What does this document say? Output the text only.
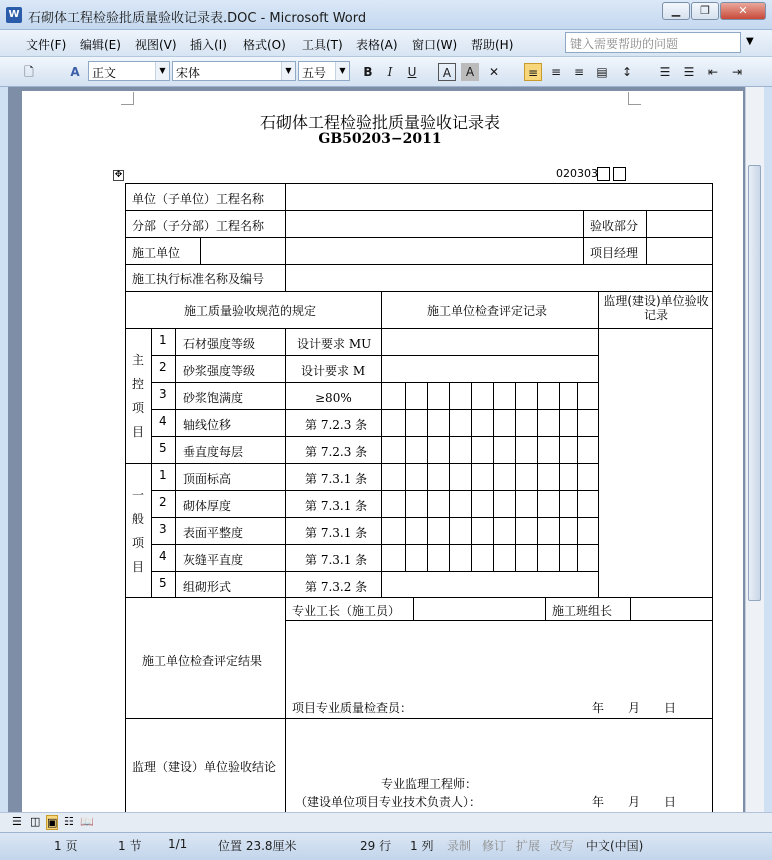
W 石砌体工程检验批质量验收记录表.DOC - Microsoft Word
▁	❐	✕
文件(F) 编辑(E) 视图(V) 插入(I) 格式(O) 工具(T) 表格(A) 窗口(W) 帮助(H)	键入需要帮助的问题	▼
🗋	A	正文	▼ 宋体	▼ 五号	▼	B	I	U	A	A	✕	≡	≡	≡	▤	↕	☰	☰	⇤	⇥
石砌体工程检验批质量验收记录表
GB50203−2011
020303
✥
单位（子单位）工程名称
分部（子分部）工程名称	验收部分
施工单位	项目经理
施工执行标准名称及编号
施工质量验收规范的规定	施工单位检查评定记录
监理(建设)单位验收记录
主控项目
一般项目
1 石材强度等级	设计要求 MU
2 砂浆强度等级	设计要求 M
3 砂浆饱满度	≥80%
4 轴线位移	第 7.2.3 条
5 垂直度每层	第 7.2.3 条
1 顶面标高	第 7.3.1 条
2 砌体厚度	第 7.3.1 条
3 表面平整度	第 7.3.1 条
4 灰缝平直度	第 7.3.1 条
5 组砌形式	第 7.3.2 条
专业工长（施工员）	施工班组长
施工单位检查评定结果
项目专业质量检查员：	年　　月　　日
监理（建设）单位验收结论
专业监理工程师：
（建设单位项目专业技术负责人）：	年　　月　　日
☰ ◫ ▣ ☷ 📖
1 页	1 节 1/1	位置 23.8厘米	29 行 1 列 录制 修订 扩展 改写 中文(中国)
